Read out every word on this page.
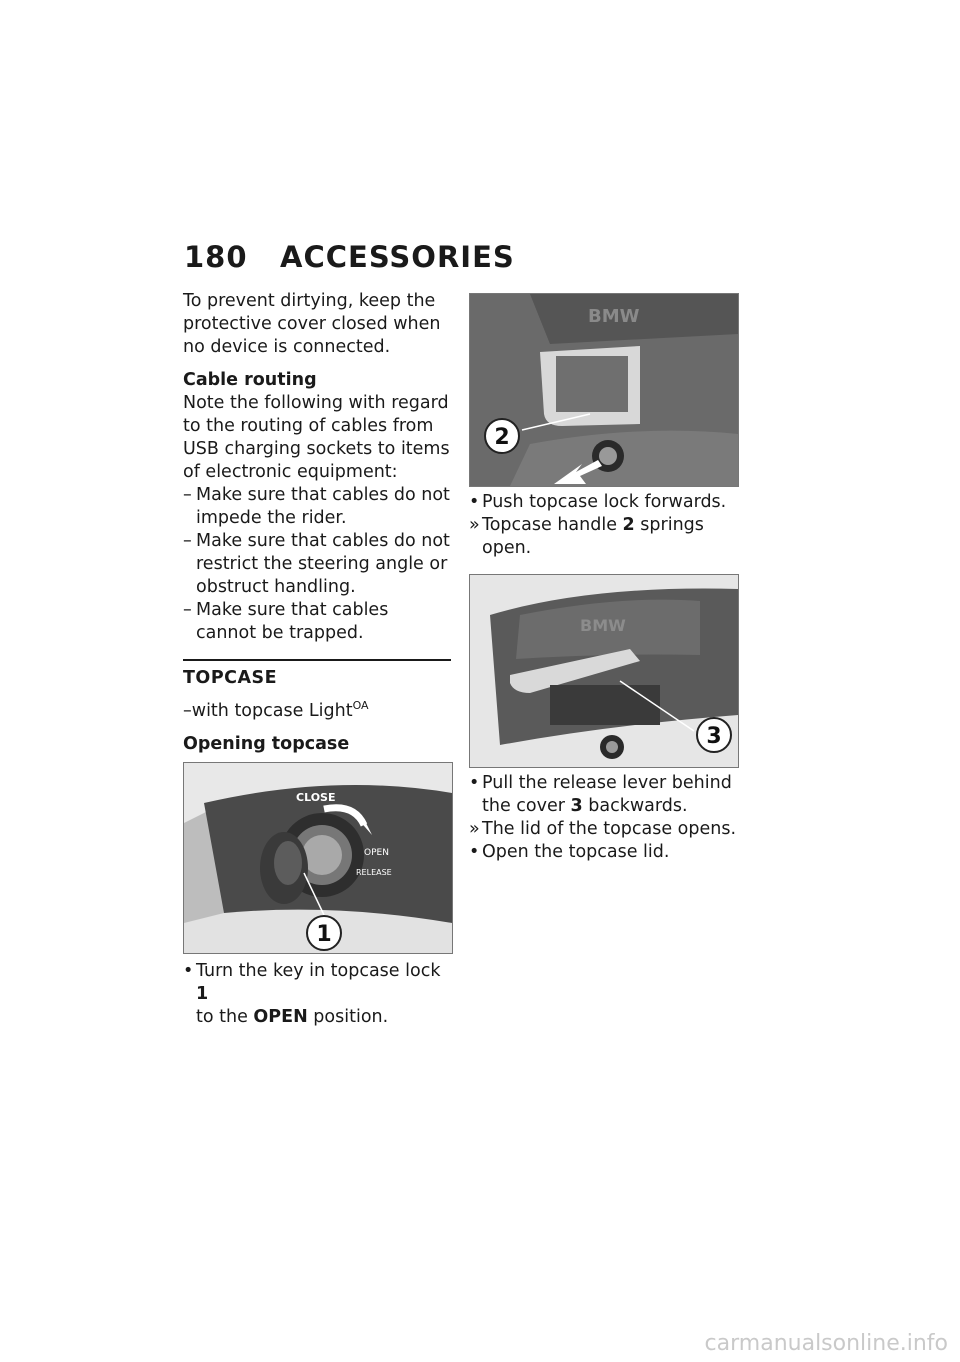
180 ACCESSORIES

To prevent dirtying, keep the protective cover closed when no device is connected.

Cable routing

Note the following with regard to the routing of cables from USB charging sockets to items of electronic equipment:

– Make sure that cables do not impede the rider.
– Make sure that cables do not restrict the steering angle or obstruct handling.
– Make sure that cables cannot be trapped.
TOPCASE

–with topcase Light$^{OA}$

Opening topcase

CLOSE
OPEN
RELEASE
1
• Turn the key in topcase lock 1
to the OPEN position.
BMW
2
• Push topcase lock forwards.
» Topcase handle 2 springs open.
BMW
3
• Pull the release lever behind the cover 3 backwards.
» The lid of the topcase opens.
• Open the topcase lid.
carmanualsonline.info
